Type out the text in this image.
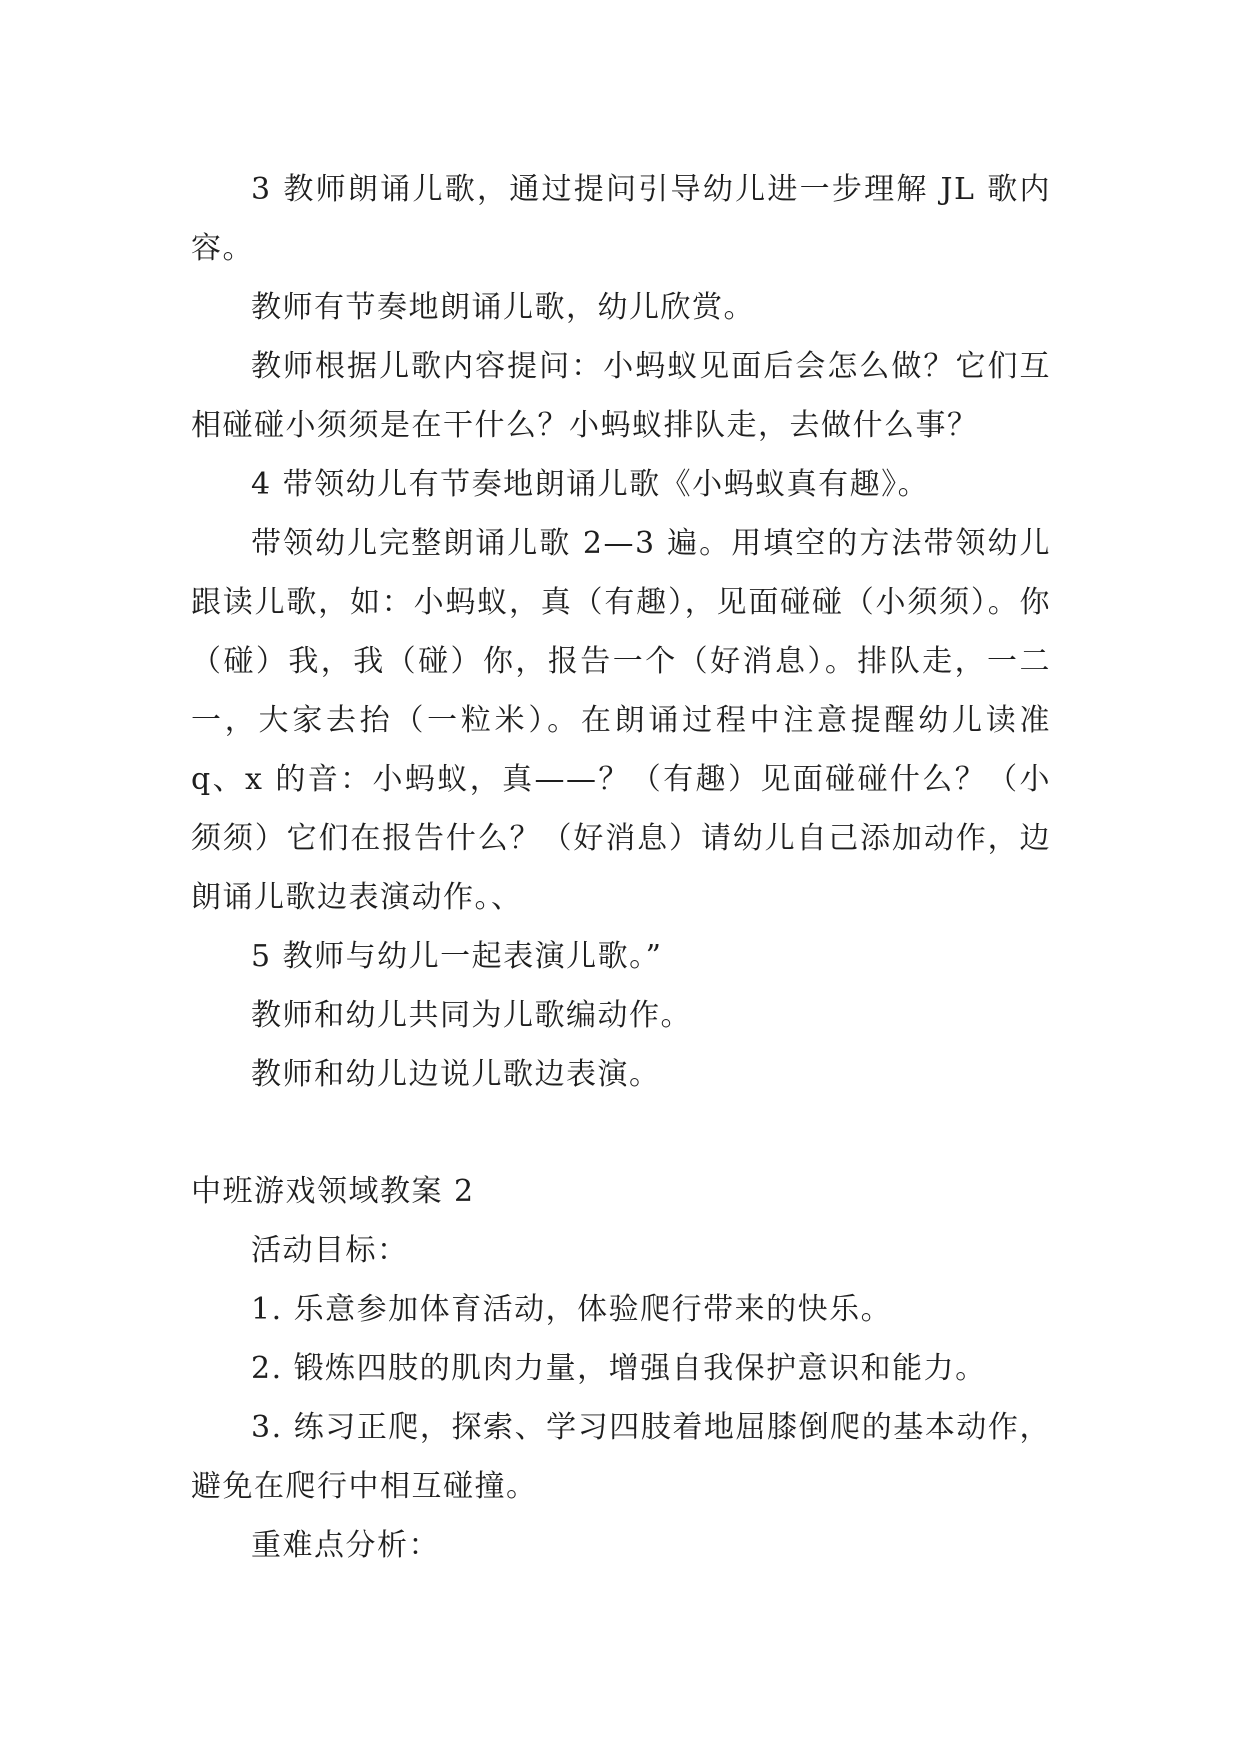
3 教师朗诵儿歌，通过提问引导幼儿进一步理解 JL 歌内容。

教师有节奏地朗诵儿歌，幼儿欣赏。

教师根据儿歌内容提问：小蚂蚁见面后会怎么做？它们互相碰碰小须须是在干什么？小蚂蚁排队走，去做什么事？

4 带领幼儿有节奏地朗诵儿歌《小蚂蚁真有趣》。

带领幼儿完整朗诵儿歌 2—3 遍。用填空的方法带领幼儿跟读儿歌，如：小蚂蚁，真（有趣），见面碰碰（小须须）。你（碰）我，我（碰）你，报告一个（好消息）。排队走，一二一，大家去抬（一粒米）。在朗诵过程中注意提醒幼儿读准 q、x 的音：小蚂蚁，真——？（有趣）见面碰碰什么？（小须须）它们在报告什么？（好消息）请幼儿自己添加动作，边朗诵儿歌边表演动作。、

5 教师与幼儿一起表演儿歌。”

教师和幼儿共同为儿歌编动作。

教师和幼儿边说儿歌边表演。

中班游戏领域教案 2

活动目标：

1. 乐意参加体育活动，体验爬行带来的快乐。

2. 锻炼四肢的肌肉力量，增强自我保护意识和能力。

3. 练习正爬，探索、学习四肢着地屈膝倒爬的基本动作，避免在爬行中相互碰撞。

重难点分析：
